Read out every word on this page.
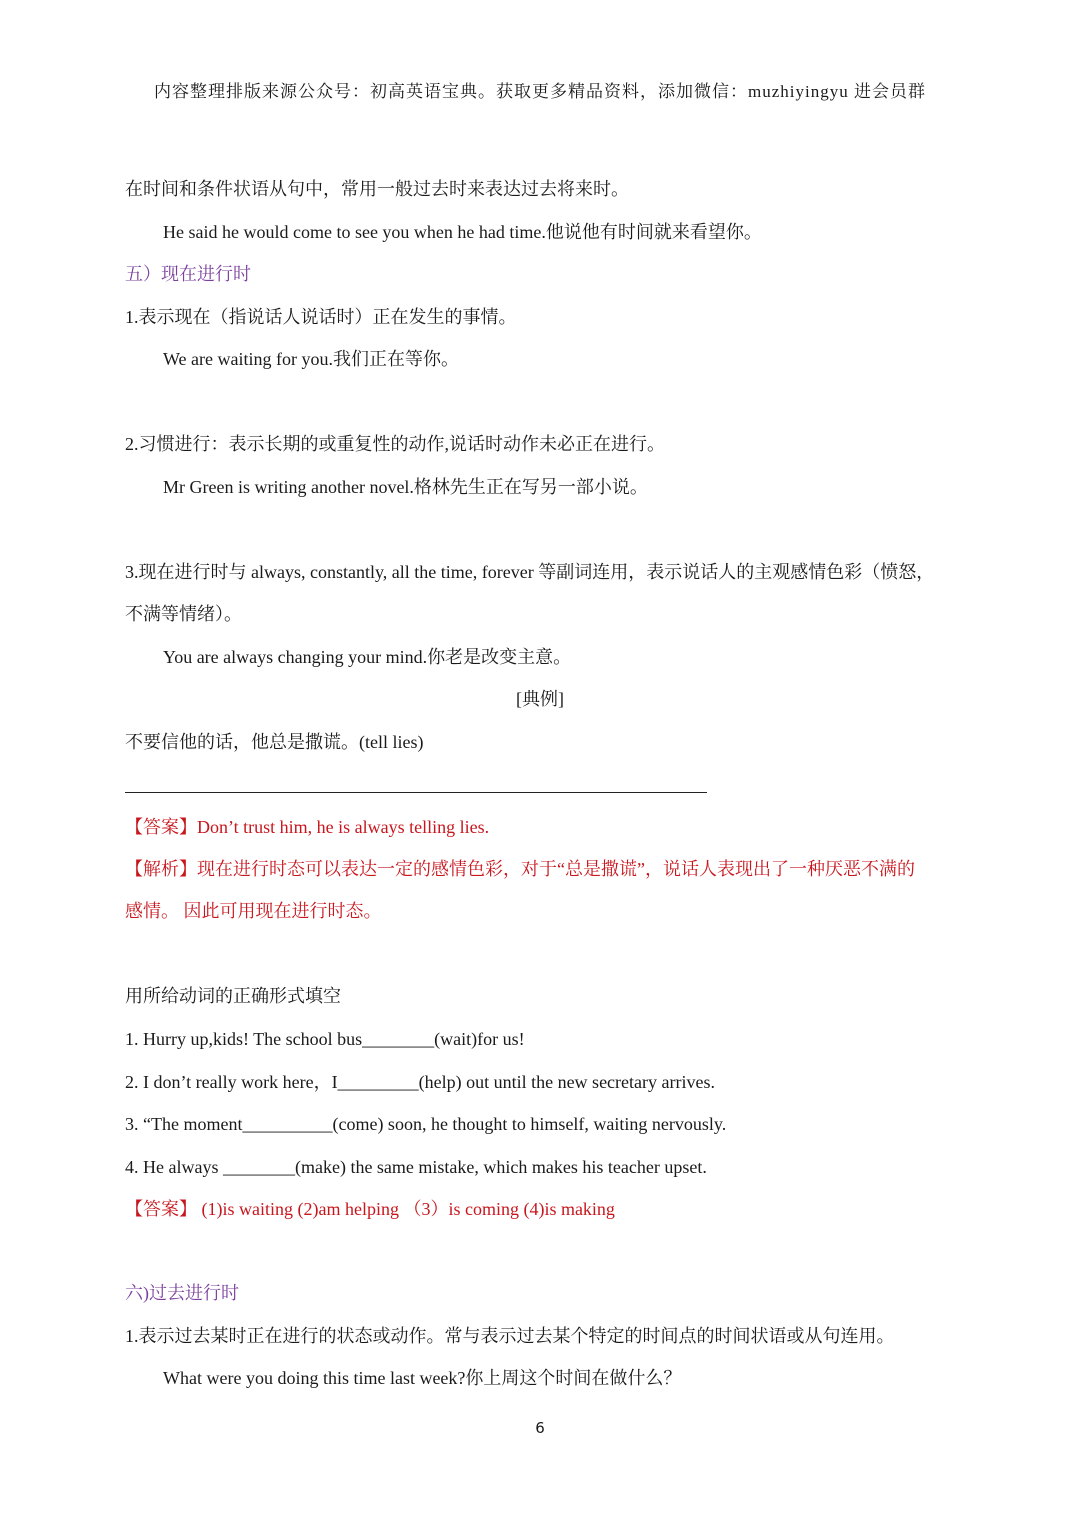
内容整理排版来源公众号：初高英语宝典。获取更多精品资料，添加微信：muzhiyingyu 进会员群
在时间和条件状语从句中，常用一般过去时来表达过去将来时。
He said he would come to see you when he had time.他说他有时间就来看望你。
五）现在进行时
1.表示现在（指说话人说话时）正在发生的事情。
We are waiting for you.我们正在等你。
2.习惯进行：表示长期的或重复性的动作,说话时动作未必正在进行。
Mr Green is writing another novel.格林先生正在写另一部小说。
3.现在进行时与 always, constantly, all the time, forever 等副词连用，表示说话人的主观感情色彩（愤怒，
不满等情绪）。
You are always changing your mind.你老是改变主意。
[典例]
不要信他的话，他总是撒谎。(tell lies)
【答案】Don’t trust him, he is always telling lies.
【解析】现在进行时态可以表达一定的感情色彩，对于“总是撒谎”，说话人表现出了一种厌恶不满的
感情。 因此可用现在进行时态。
用所给动词的正确形式填空
1. Hurry up,kids! The school bus________(wait)for us!
2. I don’t really work here，I_________(help) out until the new secretary arrives.
3. “The moment__________(come) soon, he thought to himself, waiting nervously.
4. He always ________(make) the same mistake, which makes his teacher upset.
【答案】 (1)is waiting (2)am helping （3）is coming (4)is making
六)过去进行时
1.表示过去某时正在进行的状态或动作。常与表示过去某个特定的时间点的时间状语或从句连用。
What were you doing this time last week?你上周这个时间在做什么？
6
